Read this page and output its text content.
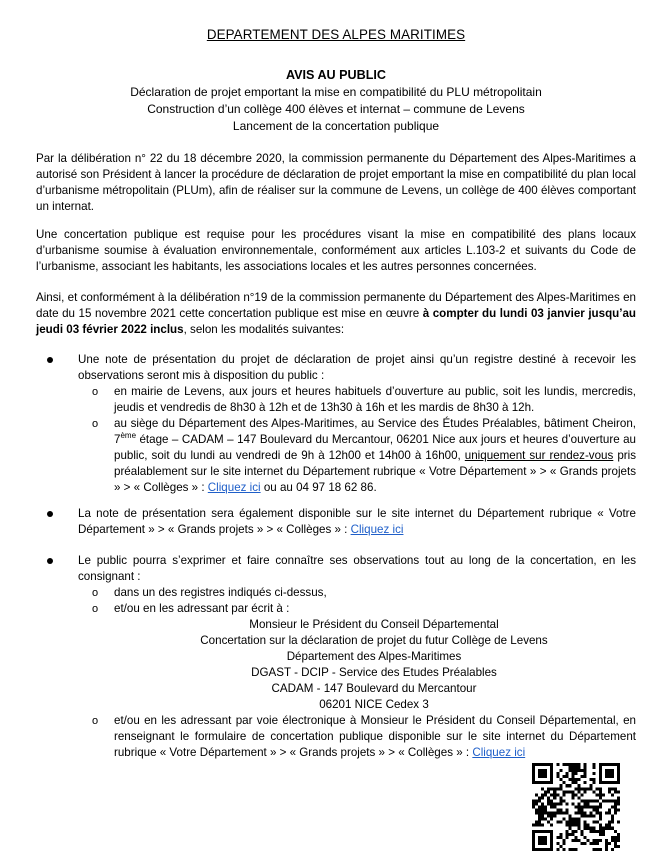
DEPARTEMENT DES ALPES MARITIMES
AVIS AU PUBLIC
Déclaration de projet emportant la mise en compatibilité du PLU métropolitain
Construction d’un collège 400 élèves et internat – commune de Levens
Lancement de la concertation publique
Par la délibération n° 22 du 18 décembre 2020, la commission permanente du Département des Alpes-Maritimes a autorisé son Président à lancer la procédure de déclaration de projet emportant la mise en compatibilité du plan local d’urbanisme métropolitain (PLUm), afin de réaliser sur la commune de Levens, un collège de 400 élèves comportant un internat.
Une concertation publique est requise pour les procédures visant la mise en compatibilité des plans locaux d’urbanisme soumise à évaluation environnementale, conformément aux articles L.103-2 et suivants du Code de l’urbanisme, associant les habitants, les associations locales et les autres personnes concernées.
Ainsi, et conformément à la délibération n°19 de la commission permanente du Département des Alpes-Maritimes en date du 15 novembre 2021 cette concertation publique est mise en œuvre à compter du lundi 03 janvier jusqu’au jeudi 03 février 2022 inclus, selon les modalités suivantes:
Une note de présentation du projet de déclaration de projet ainsi qu’un registre destiné à recevoir les observations seront mis à disposition du public :
o en mairie de Levens, aux jours et heures habituels d’ouverture au public, soit les lundis, mercredis, jeudis et vendredis de 8h30 à 12h et de 13h30 à 16h et les mardis de 8h30 à 12h.
o au siège du Département des Alpes-Maritimes, au Service des Études Préalables, bâtiment Cheiron, 7ème étage – CADAM – 147 Boulevard du Mercantour, 06201 Nice aux jours et heures d’ouverture au public, soit du lundi au vendredi de 9h à 12h00 et 14h00 à 16h00, uniquement sur rendez-vous pris préalablement sur le site internet du Département rubrique « Votre Département » > « Grands projets » > « Collèges » : Cliquez ici ou au 04 97 18 62 86.
La note de présentation sera également disponible sur le site internet du Département rubrique « Votre Département » > « Grands projets » > « Collèges » : Cliquez ici
Le public pourra s’exprimer et faire connaître ses observations tout au long de la concertation, en les consignant :
o dans un des registres indiqués ci-dessus,
o et/ou en les adressant par écrit à :
Monsieur le Président du Conseil Départemental
Concertation sur la déclaration de projet du futur Collège de Levens
Département des Alpes-Maritimes
DGAST - DCIP - Service des Etudes Préalables
CADAM - 147 Boulevard du Mercantour
06201 NICE Cedex 3
o et/ou en les adressant par voie électronique à Monsieur le Président du Conseil Départemental, en renseignant le formulaire de concertation publique disponible sur le site internet du Département rubrique « Votre Département » > « Grands projets » > « Collèges » : Cliquez ici
